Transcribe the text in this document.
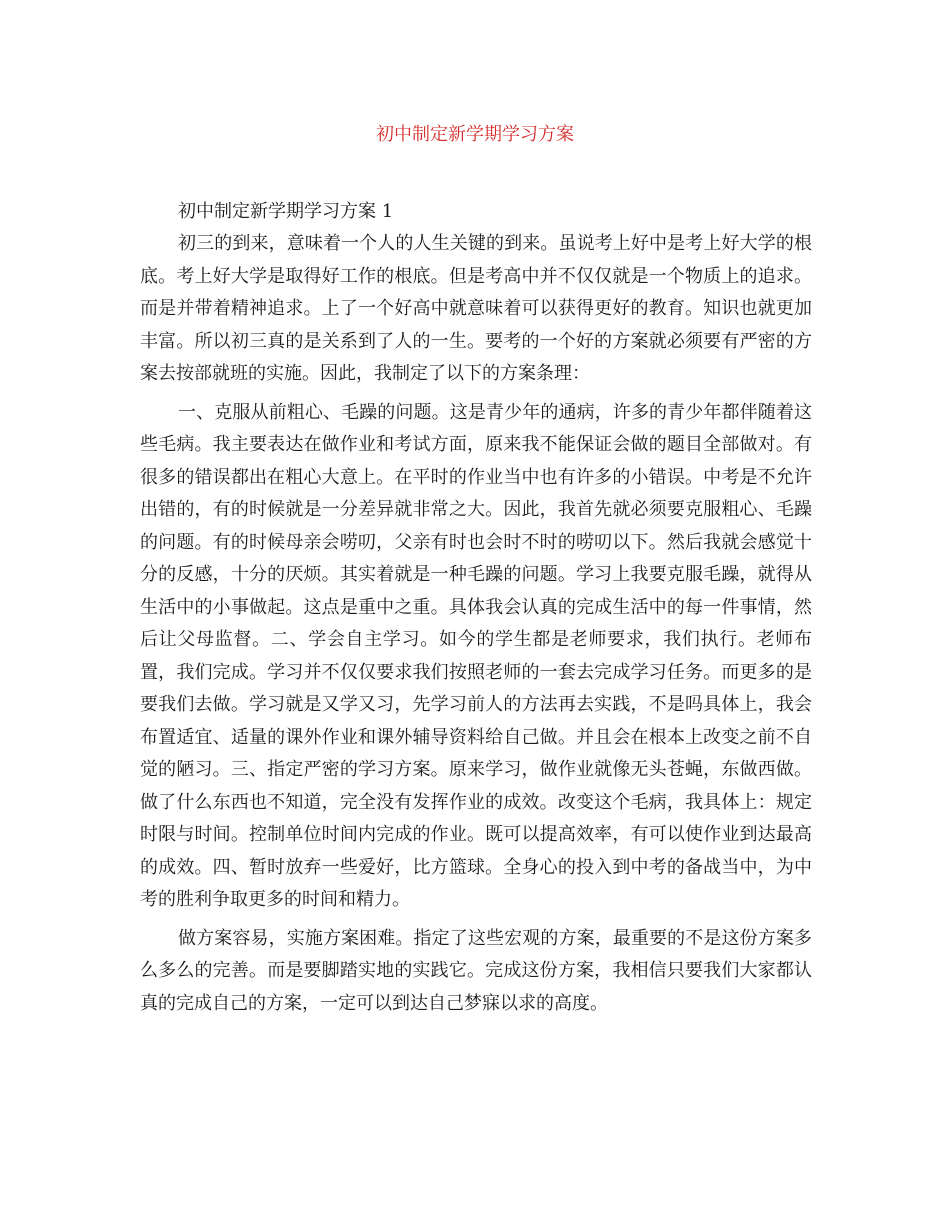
初中制定新学期学习方案

初中制定新学期学习方案 1

初三的到来，意味着一个人的人生关键的到来。虽说考上好中是考上好大学的根底。考上好大学是取得好工作的根底。但是考高中并不仅仅就是一个物质上的追求。而是并带着精神追求。上了一个好高中就意味着可以获得更好的教育。知识也就更加丰富。所以初三真的是关系到了人的一生。要考的一个好的方案就必须要有严密的方案去按部就班的实施。因此，我制定了以下的方案条理：

一、克服从前粗心、毛躁的问题。这是青少年的通病，许多的青少年都伴随着这些毛病。我主要表达在做作业和考试方面，原来我不能保证会做的题目全部做对。有很多的错误都出在粗心大意上。在平时的作业当中也有许多的小错误。中考是不允许出错的，有的时候就是一分差异就非常之大。因此，我首先就必须要克服粗心、毛躁的问题。有的时候母亲会唠叨，父亲有时也会时不时的唠叨以下。然后我就会感觉十分的反感，十分的厌烦。其实着就是一种毛躁的问题。学习上我要克服毛躁，就得从生活中的小事做起。这点是重中之重。具体我会认真的完成生活中的每一件事情，然后让父母监督。二、学会自主学习。如今的学生都是老师要求，我们执行。老师布置，我们完成。学习并不仅仅要求我们按照老师的一套去完成学习任务。而更多的是要我们去做。学习就是又学又习，先学习前人的方法再去实践，不是吗具体上，我会布置适宜、适量的课外作业和课外辅导资料给自己做。并且会在根本上改变之前不自觉的陋习。三、指定严密的学习方案。原来学习，做作业就像无头苍蝇，东做西做。做了什么东西也不知道，完全没有发挥作业的成效。改变这个毛病，我具体上：规定时限与时间。控制单位时间内完成的作业。既可以提高效率，有可以使作业到达最高的成效。四、暂时放弃一些爱好，比方篮球。全身心的投入到中考的备战当中，为中考的胜利争取更多的时间和精力。

做方案容易，实施方案困难。指定了这些宏观的方案，最重要的不是这份方案多么多么的完善。而是要脚踏实地的实践它。完成这份方案，我相信只要我们大家都认真的完成自己的方案，一定可以到达自己梦寐以求的高度。
